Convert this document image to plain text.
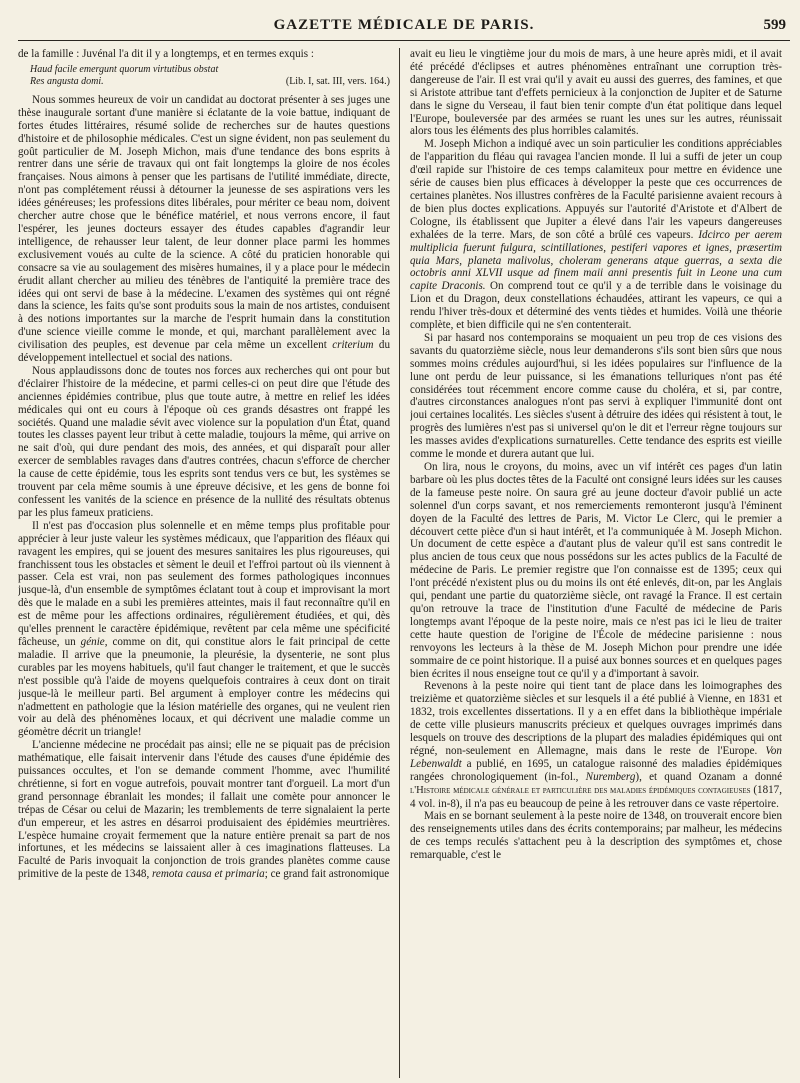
GAZETTE MÉDICALE DE PARIS.	599

de la famille : Juvénal l'a dit il y a longtemps, et en termes exquis :

Haud facile emergunt quorum virtutibus obstat
(Lib. I, sat. III, vers. 164.)
Res angusta domi.

Nous sommes heureux de voir un candidat au doctorat présenter à ses juges une thèse inaugurale sortant d'une manière si éclatante de la voie battue, indiquant de fortes études littéraires, résumé solide de recherches sur de hautes questions d'histoire et de philosophie médicales. C'est un signe évident, non pas seulement du goût particulier de M. Joseph Michon, mais d'une tendance des bons esprits à rentrer dans une série de travaux qui ont fait longtemps la gloire de nos écoles françaises. Nous aimons à penser que les partisans de l'utilité immédiate, directe, n'ont pas complétement réussi à détourner la jeunesse de ses aspirations vers les idées généreuses; les professions dites libérales, pour mériter ce beau nom, doivent chercher autre chose que le bénéfice matériel, et nous verrons encore, il faut l'espérer, les jeunes docteurs essayer des études capables d'agrandir leur intelligence, de rehausser leur talent, de leur donner place parmi les hommes exclusivement voués au culte de la science. A côté du praticien honorable qui consacre sa vie au soulagement des misères humaines, il y a place pour le médecin érudit allant chercher au milieu des ténèbres de l'antiquité la première trace des idées qui ont servi de base à la médecine. L'examen des systèmes qui ont régné dans la science, les faits qu'se sont produits sous la main de nos artistes, conduisent à des notions importantes sur la marche de l'esprit humain dans la constitution d'une science vieille comme le monde, et qui, marchant parallèlement avec la civilisation des peuples, est devenue par cela même un excellent criterium du développement intellectuel et social des nations.

Nous applaudissons donc de toutes nos forces aux recherches qui ont pour but d'éclairer l'histoire de la médecine, et parmi celles-ci on peut dire que l'étude des anciennes épidémies contribue, plus que toute autre, à mettre en relief les idées médicales qui ont eu cours à l'époque où ces grands désastres ont frappé les sociétés. Quand une maladie sévit avec violence sur la population d'un État, quand toutes les classes payent leur tribut à cette maladie, toujours la même, qui arrive on ne sait d'où, qui dure pendant des mois, des années, et qui disparaît pour aller exercer de semblables ravages dans d'autres contrées, chacun s'efforce de chercher la cause de cette épidémie, tous les esprits sont tendus vers ce but, les systèmes se trouvent par cela même soumis à une épreuve décisive, et les gens de bonne foi confessent les vanités de la science en présence de la nullité des résultats obtenus par les plus fameux praticiens.

Il n'est pas d'occasion plus solennelle et en même temps plus profitable pour apprécier à leur juste valeur les systèmes médicaux, que l'apparition des fléaux qui ravagent les empires, qui se jouent des mesures sanitaires les plus rigoureuses, qui franchissent tous les obstacles et sèment le deuil et l'effroi partout où ils viennent à passer. Cela est vrai, non pas seulement des formes pathologiques inconnues jusque-là, d'un ensemble de symptômes éclatant tout à coup et improvisant la mort dès que le malade en a subi les premières atteintes, mais il faut reconnaître qu'il en est de même pour les affections ordinaires, régulièrement étudiées, et qui, dès qu'elles prennent le caractère épidémique, revêtent par cela même une spécificité fâcheuse, un génie, comme on dit, qui constitue alors le fait principal de cette maladie. Il arrive que la pneumonie, la pleurésie, la dysenterie, ne sont plus curables par les moyens habituels, qu'il faut changer le traitement, et que le succès n'est possible qu'à l'aide de moyens quelquefois contraires à ceux dont on tirait jusque-là le meilleur parti. Bel argument à employer contre les médecins qui n'admettent en pathologie que la lésion matérielle des organes, qui ne veulent rien voir au delà des phénomènes locaux, et qui décrivent une maladie comme un géomètre décrit un triangle!

L'ancienne médecine ne procédait pas ainsi; elle ne se piquait pas de précision mathématique, elle faisait intervenir dans l'étude des causes d'une épidémie des puissances occultes, et l'on se demande comment l'homme, avec l'humilité chrétienne, si fort en vogue autrefois, pouvait montrer tant d'orgueil. La mort d'un grand personnage ébranlait les mondes; il fallait une comète pour annoncer le trépas de César ou celui de Mazarin; les tremblements de terre signalaient la perte d'un empereur, et les astres en désarroi produisaient des épidémies meurtrières. L'espèce humaine croyait fermement que la nature entière prenait sa part de nos infortunes, et les médecins se laissaient aller à ces imaginations flatteuses. La Faculté de Paris invoquait la conjonction de trois grandes planètes comme cause primitive de la peste de 1348, remota causa et primaria; ce grand fait astronomique

avait eu lieu le vingtième jour du mois de mars, à une heure après midi, et il avait été précédé d'éclipses et autres phénomènes entraînant une corruption très-dangereuse de l'air. Il est vrai qu'il y avait eu aussi des guerres, des famines, et que si Aristote attribue tant d'effets pernicieux à la conjonction de Jupiter et de Saturne dans le signe du Verseau, il faut bien tenir compte d'un état politique dans lequel l'Europe, bouleversée par des armées se ruant les unes sur les autres, réunissait alors tous les éléments des plus horribles calamités.

M. Joseph Michon a indiqué avec un soin particulier les conditions appréciables de l'apparition du fléau qui ravagea l'ancien monde. Il lui a suffi de jeter un coup d'œil rapide sur l'histoire de ces temps calamiteux pour mettre en évidence une série de causes bien plus efficaces à développer la peste que ces occurrences de certaines planètes. Nos illustres confrères de la Faculté parisienne avaient recours à de bien plus doctes explications. Appuyés sur l'autorité d'Aristote et d'Albert de Cologne, ils établissent que Jupiter a élevé dans l'air les vapeurs dangereuses exhalées de la terre. Mars, de son côté a brûlé ces vapeurs. Idcirco per aerem multiplicia fuerunt fulgura, scintillationes, pestiferi vapores et ignes, præsertim quia Mars, planeta malivolus, choleram generans atque guerras, a sexta die octobris anni XLVII usque ad finem maii anni presentis fuit in Leone una cum capite Draconis. On comprend tout ce qu'il y a de terrible dans le voisinage du Lion et du Dragon, deux constellations échaudées, attirant les vapeurs, ce qui a rendu l'hiver très-doux et déterminé des vents tièdes et humides. Voilà une théorie complète, et bien difficile qui ne s'en contenterait.

Si par hasard nos contemporains se moquaient un peu trop de ces visions des savants du quatorzième siècle, nous leur demanderons s'ils sont bien sûrs que nous sommes moins crédules aujourd'hui, si les idées populaires sur l'influence de la lune ont perdu de leur puissance, si les émanations telluriques n'ont pas été considérées tout récemment encore comme cause du choléra, et si, par contre, d'autres circonstances analogues n'ont pas servi à expliquer l'immunité dont ont joui certaines localités. Les siècles s'usent à détruire des idées qui résistent à tout, le progrès des lumières n'est pas si universel qu'on le dit et l'erreur règne toujours sur les masses avides d'explications surnaturelles. Cette tendance des esprits est vieille comme le monde et durera autant que lui.

On lira, nous le croyons, du moins, avec un vif intérêt ces pages d'un latin barbare où les plus doctes têtes de la Faculté ont consigné leurs idées sur les causes de la fameuse peste noire. On saura gré au jeune docteur d'avoir publié un acte solennel d'un corps savant, et nos remerciements remonteront jusqu'à l'éminent doyen de la Faculté des lettres de Paris, M. Victor Le Clerc, qui le premier a découvert cette pièce d'un si haut intérêt, et l'a communiquée à M. Joseph Michon. Un document de cette espèce a d'autant plus de valeur qu'il est sans contredit le plus ancien de tous ceux que nous possédons sur les actes publics de la Faculté de médecine de Paris. Le premier registre que l'on connaisse est de 1395; ceux qui l'ont précédé n'existent plus ou du moins ils ont été enlevés, dit-on, par les Anglais qui, pendant une partie du quatorzième siècle, ont ravagé la France. Il est certain qu'on retrouve la trace de l'institution d'une Faculté de médecine de Paris longtemps avant l'époque de la peste noire, mais ce n'est pas ici le lieu de traiter cette haute question de l'origine de l'École de médecine parisienne : nous renvoyons les lecteurs à la thèse de M. Joseph Michon pour prendre une idée sommaire de ce point historique. Il a puisé aux bonnes sources et en quelques pages bien écrites il nous enseigne tout ce qu'il y a d'important à savoir.

Revenons à la peste noire qui tient tant de place dans les loimographes des treizième et quatorzième siècles et sur lesquels il a été publié à Vienne, en 1831 et 1832, trois excellentes dissertations. Il y a en effet dans la bibliothèque impériale de cette ville plusieurs manuscrits précieux et quelques ouvrages imprimés dans lesquels on trouve des descriptions de la plupart des maladies épidémiques qui ont régné, non-seulement en Allemagne, mais dans le reste de l'Europe. Von Lebenwaldt a publié, en 1695, un catalogue raisonné des maladies épidémiques rangées chronologiquement (in-fol., Nuremberg), et quand Ozanam a donné l'Histoire médicale générale et particulière des maladies épidémiques contagieuses (1817, 4 vol. in-8), il n'a pas eu beaucoup de peine à les retrouver dans ce vaste répertoire.

Mais en se bornant seulement à la peste noire de 1348, on trouverait encore bien des renseignements utiles dans des écrits contemporains; par malheur, les médecins de ces temps reculés s'attachent peu à la description des symptômes et, chose remarquable, c'est le
